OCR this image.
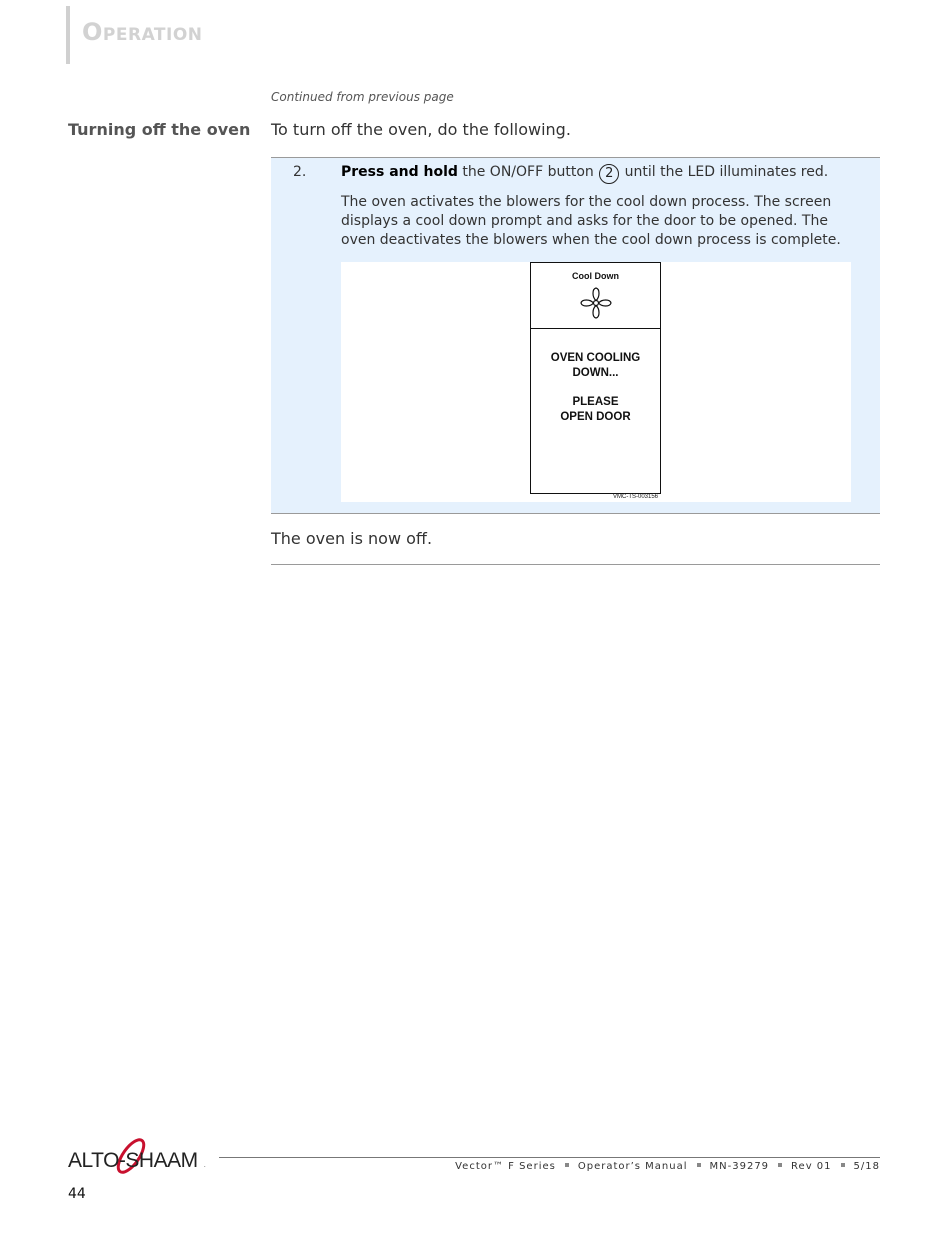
Operation
Continued from previous page
Turning off the oven To turn off the oven, do the following.
2. Press and hold the ON/OFF button 2 until the LED illuminates red.
The oven activates the blowers for the cool down process. The screen displays a cool down prompt and asks for the door to be opened. The oven deactivates the blowers when the cool down process is complete.
Cool Down
OVEN COOLING
DOWN...
PLEASE
OPEN DOOR
VMC-TS-003156
The oven is now off.
ALTO-SHAAM .	Vector™ F Series Operator’s Manual MN-39279 Rev 01 5/18
44
